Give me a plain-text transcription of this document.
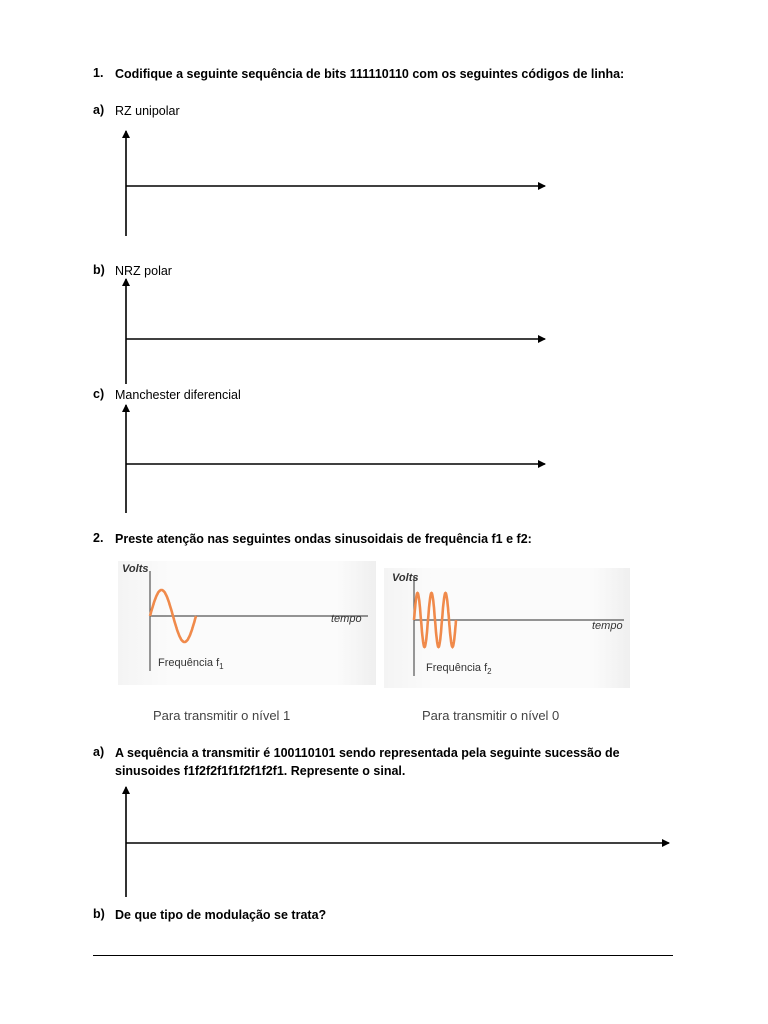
1. Codifique a seguinte sequência de bits 111110110 com os seguintes códigos de linha:
a) RZ unipolar
b) NRZ polar
c) Manchester diferencial
2. Preste atenção nas seguintes ondas sinusoidais de frequência f1 e f2:
Volts
tempo
Frequência $f_1$
Para transmitir o nível 1
Volts
tempo
Frequência $f_2$
Para transmitir o nível 0
a) A sequência a transmitir é 100110101 sendo representada pela seguinte sucessão de
sinusoides f1f2f2f1f1f2f1f2f1. Represente o sinal.
b) De que tipo de modulação se trata?
